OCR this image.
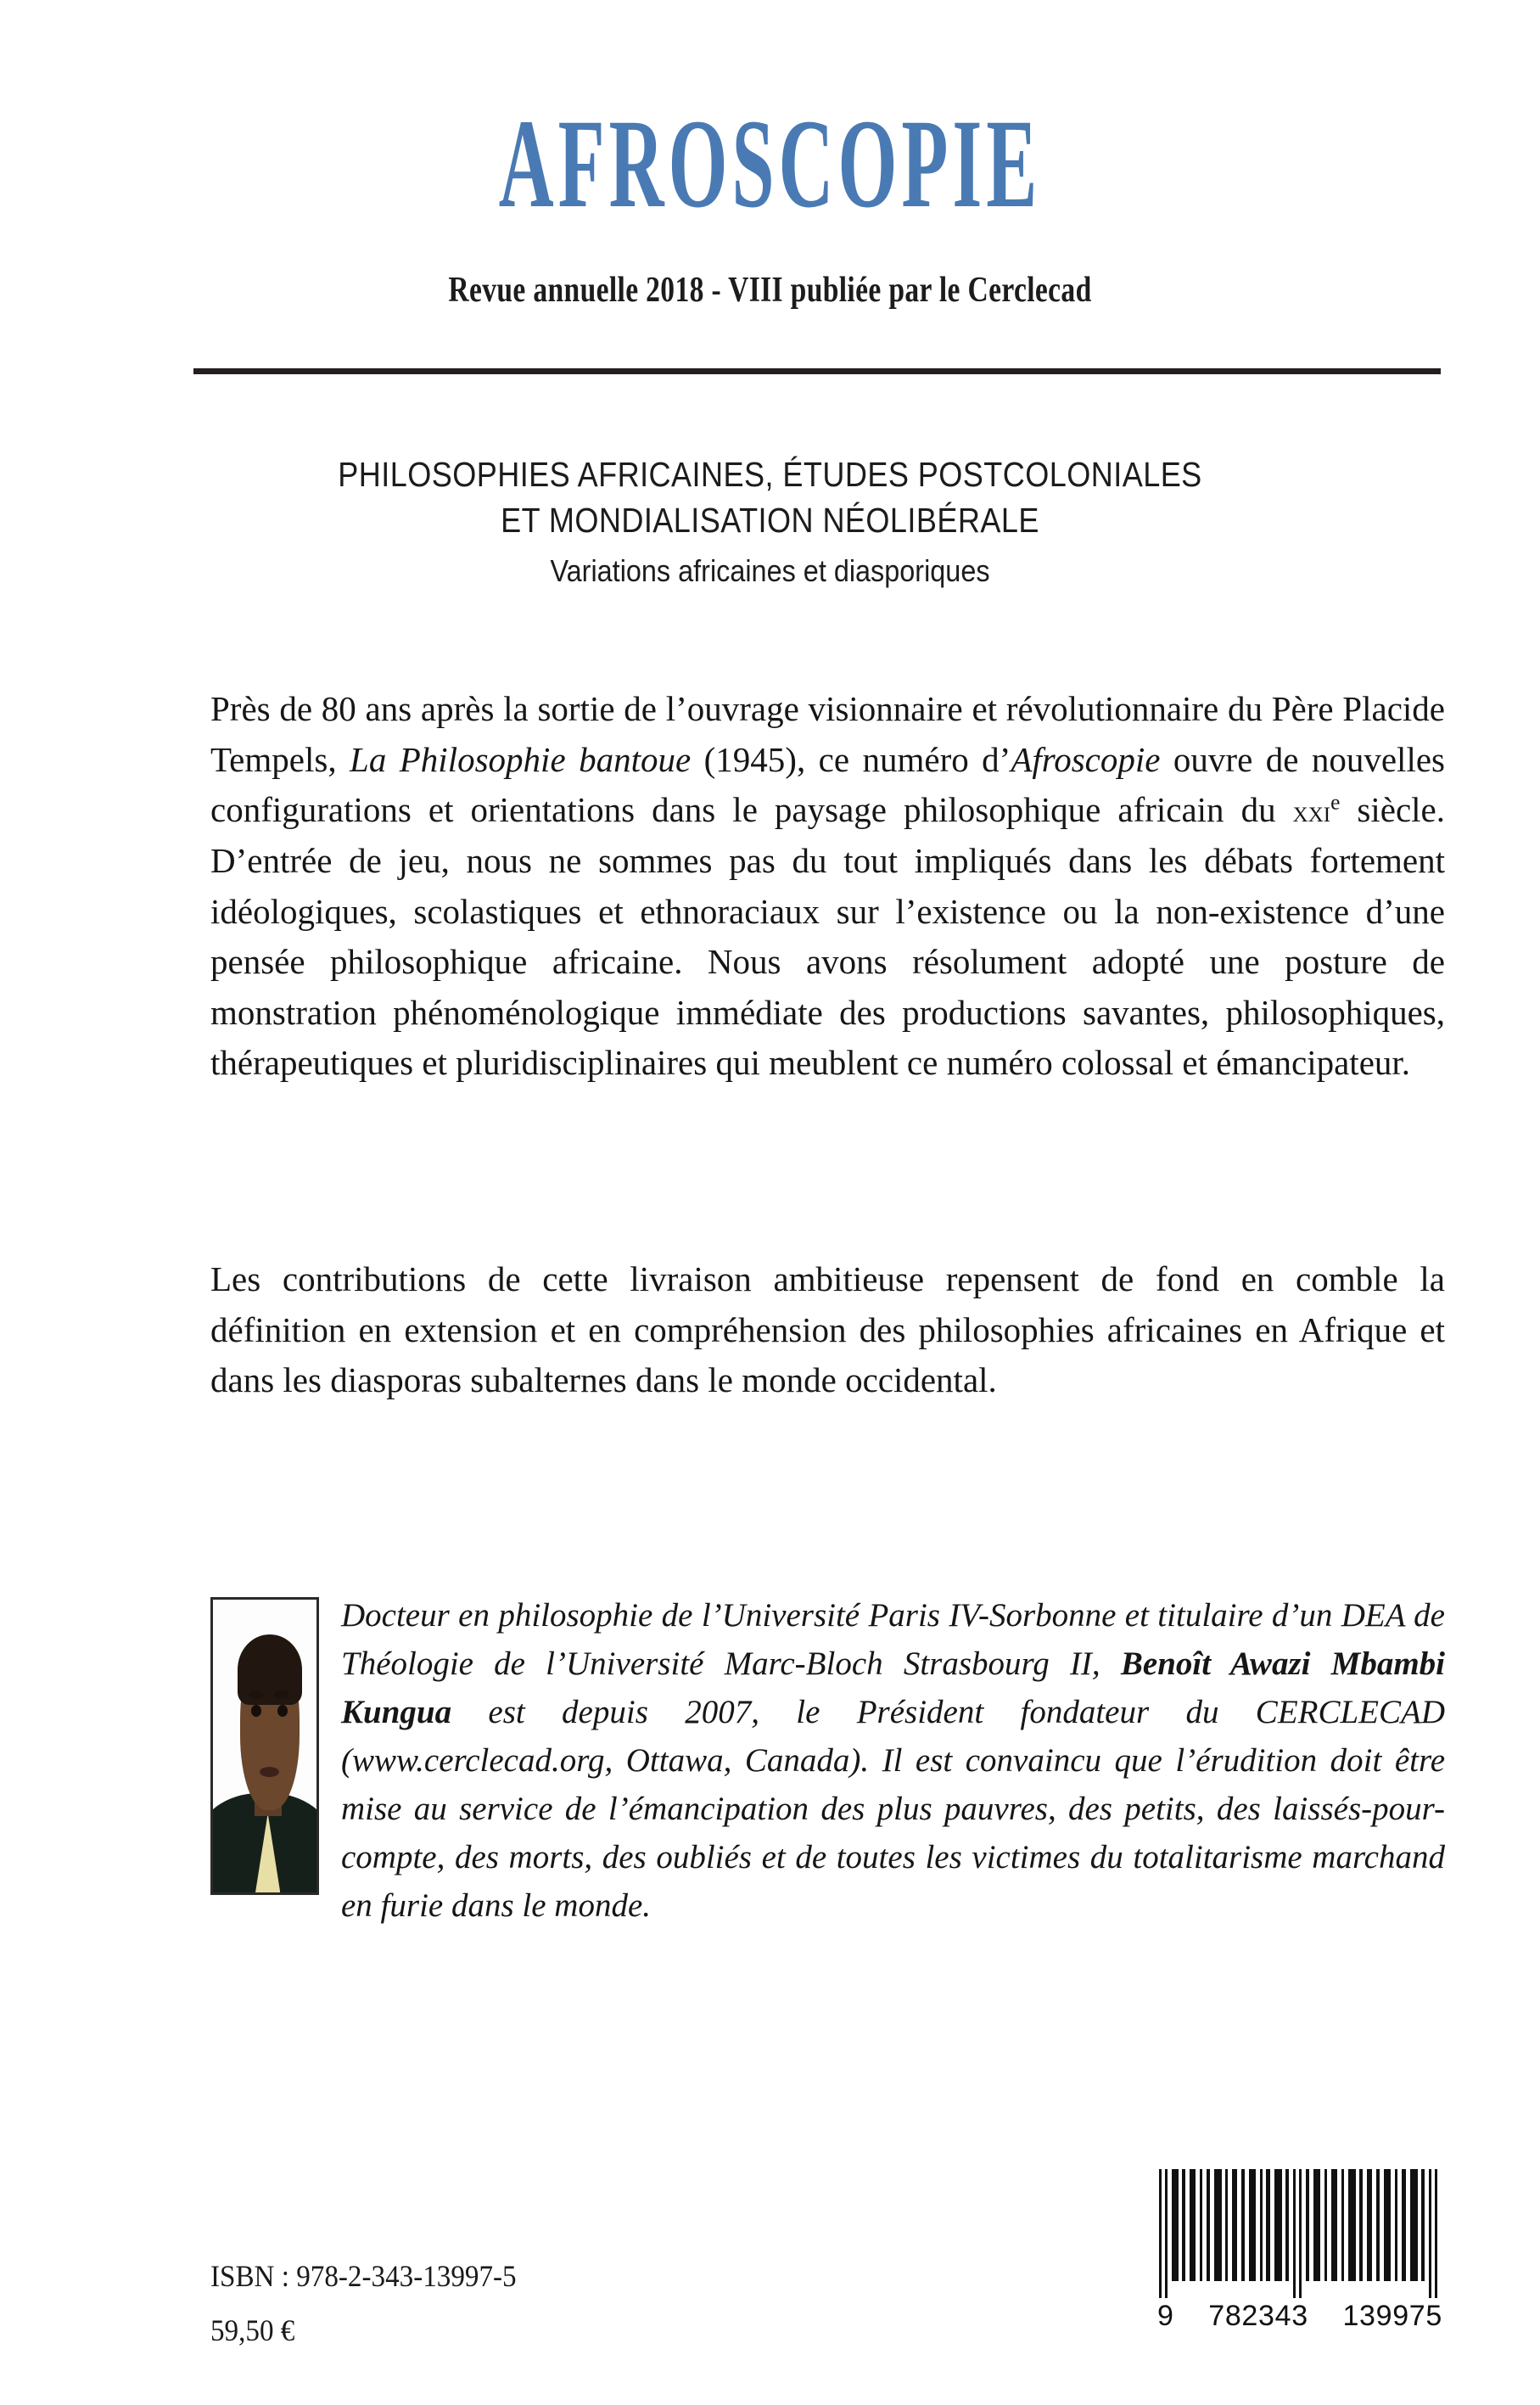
AFROSCOPIE
Revue annuelle 2018 - VIII publiée par le Cerclecad
PHILOSOPHIES AFRICAINES, ÉTUDES POSTCOLONIALES
ET MONDIALISATION NÉOLIBÉRALE
Variations africaines et diasporiques

Près de 80 ans après la sortie de l’ouvrage visionnaire et révolutionnaire du Père Placide Tempels, La Philosophie bantoue (1945), ce numéro d’Afroscopie ouvre de nouvelles configurations et orientations dans le paysage philosophique africain du xxi$^e$ siècle. D’entrée de jeu, nous ne sommes pas du tout impliqués dans les débats fortement idéologiques, scolastiques et ethnoraciaux sur l’existence ou la non-existence d’une pensée philosophique africaine. Nous avons résolument adopté une posture de monstration phénoménologique immédiate des productions savantes, philosophiques, thérapeutiques et pluridisciplinaires qui meublent ce numéro colossal et émancipateur.

Les contributions de cette livraison ambitieuse repensent de fond en comble la définition en extension et en compréhension des philosophies africaines en Afrique et dans les diasporas subalternes dans le monde occidental.

Docteur en philosophie de l’Université Paris IV-Sorbonne et titulaire d’un DEA de Théologie de l’Université Marc-Bloch Strasbourg II, Benoît Awazi Mbambi Kungua est depuis 2007, le Président fondateur du CERCLECAD (www.cerclecad.org, Ottawa, Canada). Il est convaincu que l’érudition doit être mise au service de l’émancipation des plus pauvres, des petits, des laissés-pour-compte, des morts, des oubliés et de toutes les victimes du totalitarisme marchand en furie dans le monde.

ISBN : 978-2-343-13997-5
59,50 €	9 782343 139975
